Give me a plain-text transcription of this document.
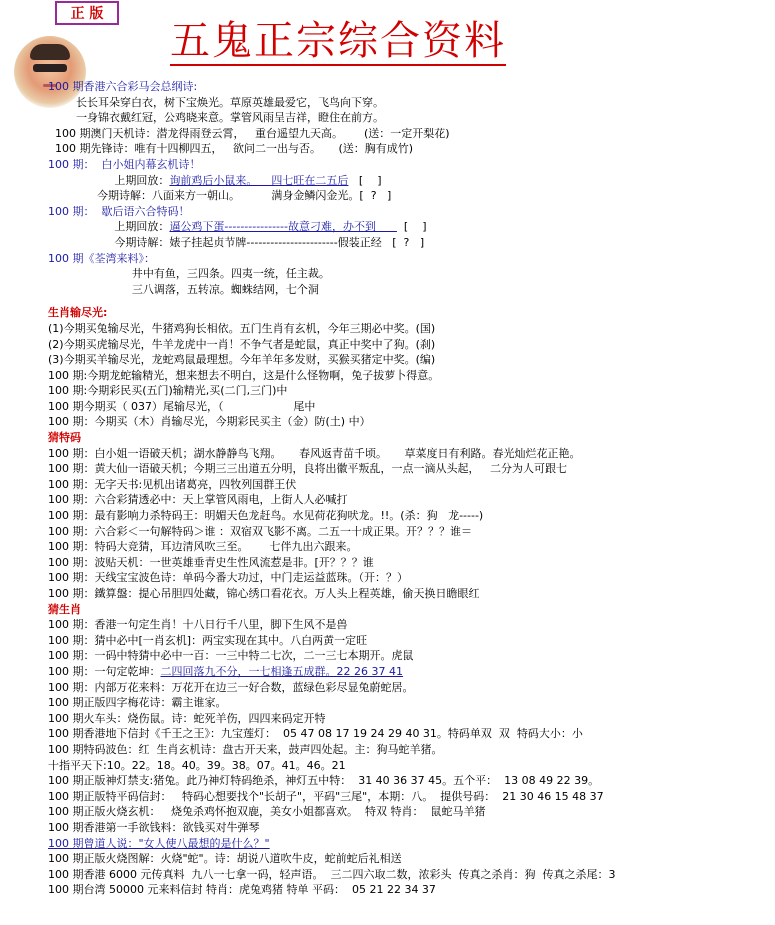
正 版
五鬼正宗综合资料
100 期香港六合彩马会总纲诗:
长长耳朵穿白衣，树下宝焕光。草原英雄最爱它，飞鸟向下穿。
一身锦衣戴红冠，公鸡晓来意。掌管风雨呈吉祥，瞪住在前方。
100 期澳门天机诗：潜龙得雨登云霄，   重台遥望九天高。      (送：一定开梨花)
100 期先锋诗：唯有十四柳四五，   欲问二一出与否。     (送：胸有成竹)
100 期：  白小姐内幕玄机诗！
上期回放：询前鸡后小鼠来。    四七旺在二五后   [    ]
今期诗解：八面来方一朝山。         满身金鳞闪金光。[  ?   ]
100 期：  歇后语六合特码！
上期回放：逼公鸡下蛋----------------故意刁难，办不到        [    ]
今期诗解：婊子挂起贞节牌-----------------------假装正经   [  ?   ]
100 期《荃湾来料》：
井中有鱼，三四条。四夷一统，任主裁。
三八调落，五转凉。蜘蛛结网，七个洞
生肖输尽光:
(1)今期买兔输尽光，牛猪鸡狗长相依。五门生肖有玄机，今年三期必中奖。(国)
(2)今期买虎输尽光，牛羊龙虎中一肖！不争气者是蛇鼠，真正中奖中了狗。(刹)
(3)今期买羊输尽光，龙蛇鸡鼠最理想。今年羊年多发财，买猴买猪定中奖。(编)
100 期:今期龙蛇输精光，想来想去不明白，这是什么怪物啊，兔子拔萝卜得意。
100 期:今期彩民买(五门)输精光,买(二门,三门)中
100 期今期买（ 037）尾输尽光，（                    尾中
100 期：今期买（木）肖输尽光，今期彩民买主（金）防(土) 中）
猜特码
100 期：白小姐一语破天机；湖水静静鸟飞翔。     春风返青苗千顷。     草菜度日有利路。春光灿烂花正艳。
100 期：黄大仙一语破天机；今期三三出道五分明，良将出徽平叛乱，一点一滴从头起，   二分为人可跟七
100 期：无字天书:见机出诸葛亮，四牧列国群王伏
100 期：六合彩猜透必中：天上掌管风雨电，上街人人必喊打
100 期：最有影响力杀特码王：明媚天色龙赶鸟。水见荷花狗吠龙。!!。(杀：狗   龙-----)
100 期：六合彩＜一句解特码＞谁 ：双宿双飞影不离。二五一十成正果。开？？？谁＝
100 期：特码大竞猜，耳边清风吹三至。      七伴九出六跟来。
100 期：波贴天机：一世英雄垂青史生性风流惹是非。[开？？？谁
100 期：天线宝宝波色诗：单码今番大功过，中门走运益蓝珠。（开：？）
100 期：鐵算盤：提心吊胆四处藏，锦心绣口看花衣。万人头上程英雄，偷天换日瞻眼红
猜生肖
100 期：香港一句定生肖！十八日行千八里，脚下生风不是兽
100 期：猜中必中[一肖玄机]：两宝实现在其中。八白两黄一定旺
100 期：一码中特猜中必中一百：一三中特二七次，二一三七本期开。虎鼠
100 期：一句定乾坤：二四回落九不分，一七相逢五成群。22 26 37 41
100 期：内部万花来料：万花开在边三一好合数，蓝绿色彩尽显兔蔚蛇居。
100 期正版四字梅花诗：霸主谁家。
100 期火车头：烧伤鼠。诗：蛇死羊伤，四四来码定开特
100 期香港地下信封《千王之王》：九宝莲灯：  05 47 08 17 19 24 29 40 31。特码单双  双  特码大小：小
100 期特码波色：红  生肖玄机诗：盘古开天来，鼓声四处起。主：狗马蛇羊猪。
十指平天下:10。22。18。40。39。38。07。41。46。21
100 期正版神灯禁支:猪兔。此乃神灯特码绝杀，神灯五中特：  31 40 36 37 45。五个平：  13 08 49 22 39。
100 期正版特平码信封：   特码心想要找个"长胡子"，平码"三尾"，本期：八。  提供号码：  21 30 46 15 48 37
100 期正版火烧玄机：   烧兔杀鸡怀抱双鹿，美女小姐都喜欢。  特双 特肖：  鼠蛇马羊猪
100 期香港第一手欲钱料：欲钱买对牛弹琴
100 期曾道人说："女人使八最想的是什么？"
100 期正版火烧图解：火烧"蛇"。诗：胡说八道吹牛皮，蛇前蛇后礼相送
100 期香港 6000 元传真料  九八一七拿一码，轻声语。  三二四六取二数，浓彩头  传真之杀肖：狗  传真之杀尾：3
100 期台湾 50000 元来料信封 特肖：虎兔鸡猪 特单 平码：  05 21 22 34 37
